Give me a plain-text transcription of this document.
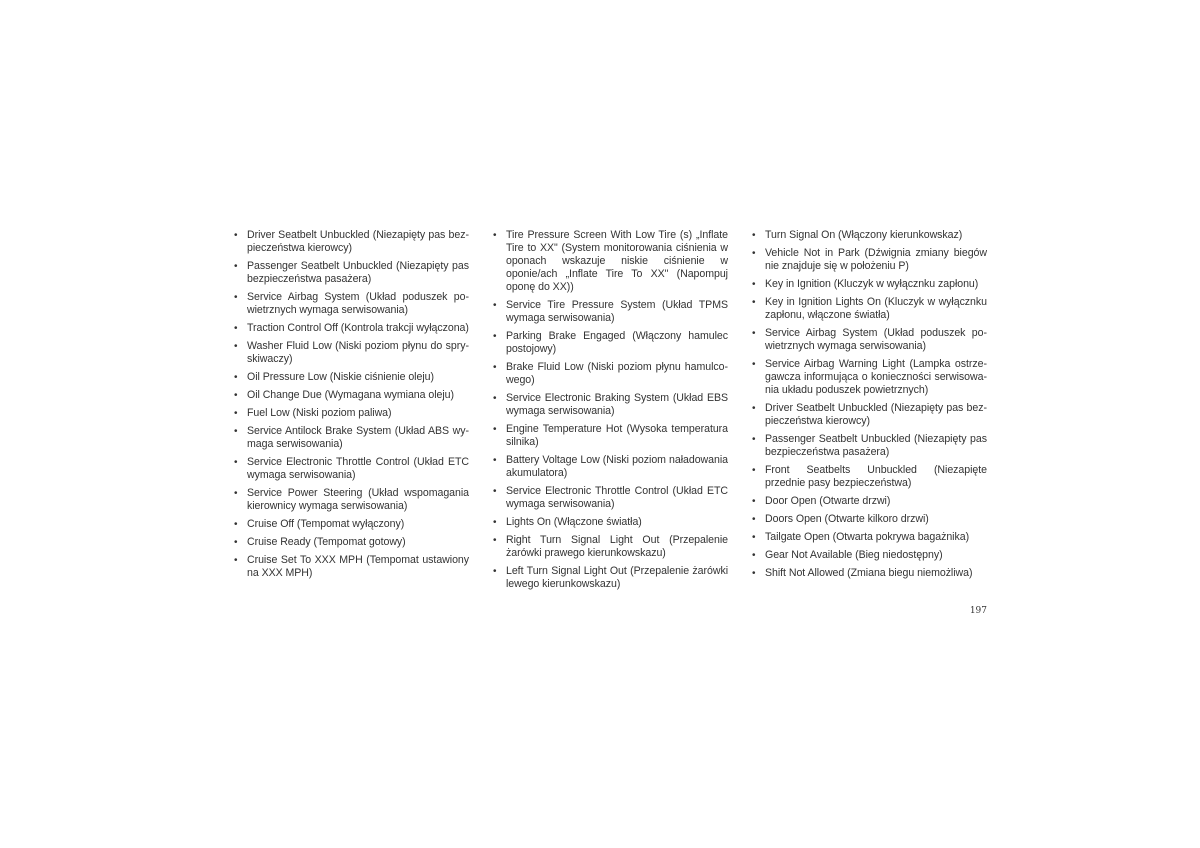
• Driver Seatbelt Unbuckled (Niezapięty pas bezpieczeństwa kierowcy)
• Passenger Seatbelt Unbuckled (Niezapięty pas bezpieczeństwa pasażera)
• Service Airbag System (Układ poduszek powietrznych wymaga serwisowania)
• Traction Control Off (Kontrola trakcji wyłączona)
• Washer Fluid Low (Niski poziom płynu do spryskiwaczy)
• Oil Pressure Low (Niskie ciśnienie oleju)
• Oil Change Due (Wymagana wymiana oleju)
• Fuel Low (Niski poziom paliwa)
• Service Antilock Brake System (Układ ABS wymaga serwisowania)
• Service Electronic Throttle Control (Układ ETC wymaga serwisowania)
• Service Power Steering (Układ wspomagania kierownicy wymaga serwisowania)
• Cruise Off (Tempomat wyłączony)
• Cruise Ready (Tempomat gotowy)
• Cruise Set To XXX MPH (Tempomat ustawiony na XXX MPH)
• Tire Pressure Screen With Low Tire (s) „Inflate Tire to XX" (System monitorowania ciśnienia w oponach wskazuje niskie ciśnienie w oponie/⁠ach „Inflate Tire To XX" (Napompuj oponę do XX))
• Service Tire Pressure System (Układ TPMS wymaga serwisowania)
• Parking Brake Engaged (Włączony hamulec postojowy)
• Brake Fluid Low (Niski poziom płynu hamulcowego)
• Service Electronic Braking System (Układ EBS wymaga serwisowania)
• Engine Temperature Hot (Wysoka temperatura silnika)
• Battery Voltage Low (Niski poziom naładowania akumulatora)
• Service Electronic Throttle Control (Układ ETC wymaga serwisowania)
• Lights On (Włączone światła)
• Right Turn Signal Light Out (Przepalenie żarówki prawego kierunkowskazu)
• Left Turn Signal Light Out (Przepalenie żarówki lewego kierunkowskazu)
• Turn Signal On (Włączony kierunkowskaz)
• Vehicle Not in Park (Dźwignia zmiany biegów nie znajduje się w położeniu P)
• Key in Ignition (Kluczyk w wyłącznku zapłonu)
• Key in Ignition Lights On (Kluczyk w wyłącznku zapłonu, włączone światła)
• Service Airbag System (Układ poduszek powietrznych wymaga serwisowania)
• Service Airbag Warning Light (Lampka ostrzegawcza informująca o konieczności serwisowania układu poduszek powietrznych)
• Driver Seatbelt Unbuckled (Niezapięty pas bezpieczeństwa kierowcy)
• Passenger Seatbelt Unbuckled (Niezapięty pas bezpieczeństwa pasażera)
• Front Seatbelts Unbuckled (Niezapięte przednie pasy bezpieczeństwa)
• Door Open (Otwarte drzwi)
• Doors Open (Otwarte kilkoro drzwi)
• Tailgate Open (Otwarta pokrywa bagażnika)
• Gear Not Available (Bieg niedostępny)
• Shift Not Allowed (Zmiana biegu niemożliwa)
197
